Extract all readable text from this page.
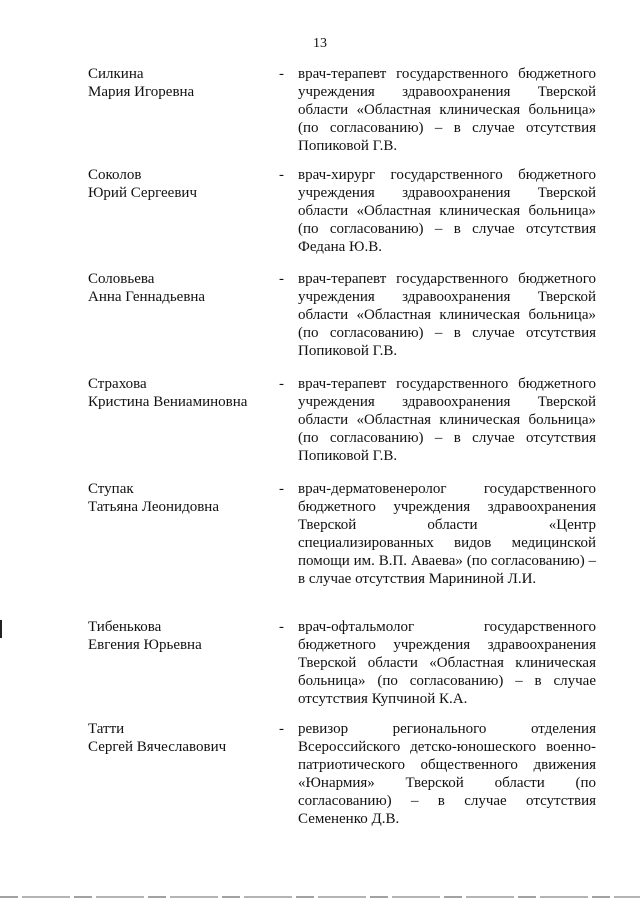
13
Силкина
Мария Игоревна
- врач-терапевт государственного бюджетного учреждения здравоохранения Тверской области «Областная клиническая больница» (по согласованию) – в случае отсутствия Попиковой Г.В.
Соколов
Юрий Сергеевич
- врач-хирург государственного бюджетного учреждения здравоохранения Тверской области «Областная клиническая больница» (по согласованию) – в случае отсутствия Федана Ю.В.
Соловьева
Анна Геннадьевна
- врач-терапевт государственного бюджетного учреждения здравоохранения Тверской области «Областная клиническая больница» (по согласованию) – в случае отсутствия Попиковой Г.В.
Страхова
Кристина Вениаминовна
- врач-терапевт государственного бюджетного учреждения здравоохранения Тверской области «Областная клиническая больница» (по согласованию) – в случае отсутствия Попиковой Г.В.
Ступак
Татьяна Леонидовна
- врач-дерматовенеролог государственного бюджетного учреждения здравоохранения Тверской области «Центр специализированных видов медицинской помощи им. В.П. Аваева» (по согласованию) – в случае отсутствия Марининой Л.И.
Тибенькова
Евгения Юрьевна
- врач-офтальмолог государственного бюджетного учреждения здравоохранения Тверской области «Областная клиническая больница» (по согласованию) – в случае отсутствия Купчиной К.А.
Татти
Сергей Вячеславович
- ревизор регионального отделения Всероссийского детско-юношеского военно-патриотического общественного движения «Юнармия» Тверской области (по согласованию) – в случае отсутствия Семененко Д.В.
